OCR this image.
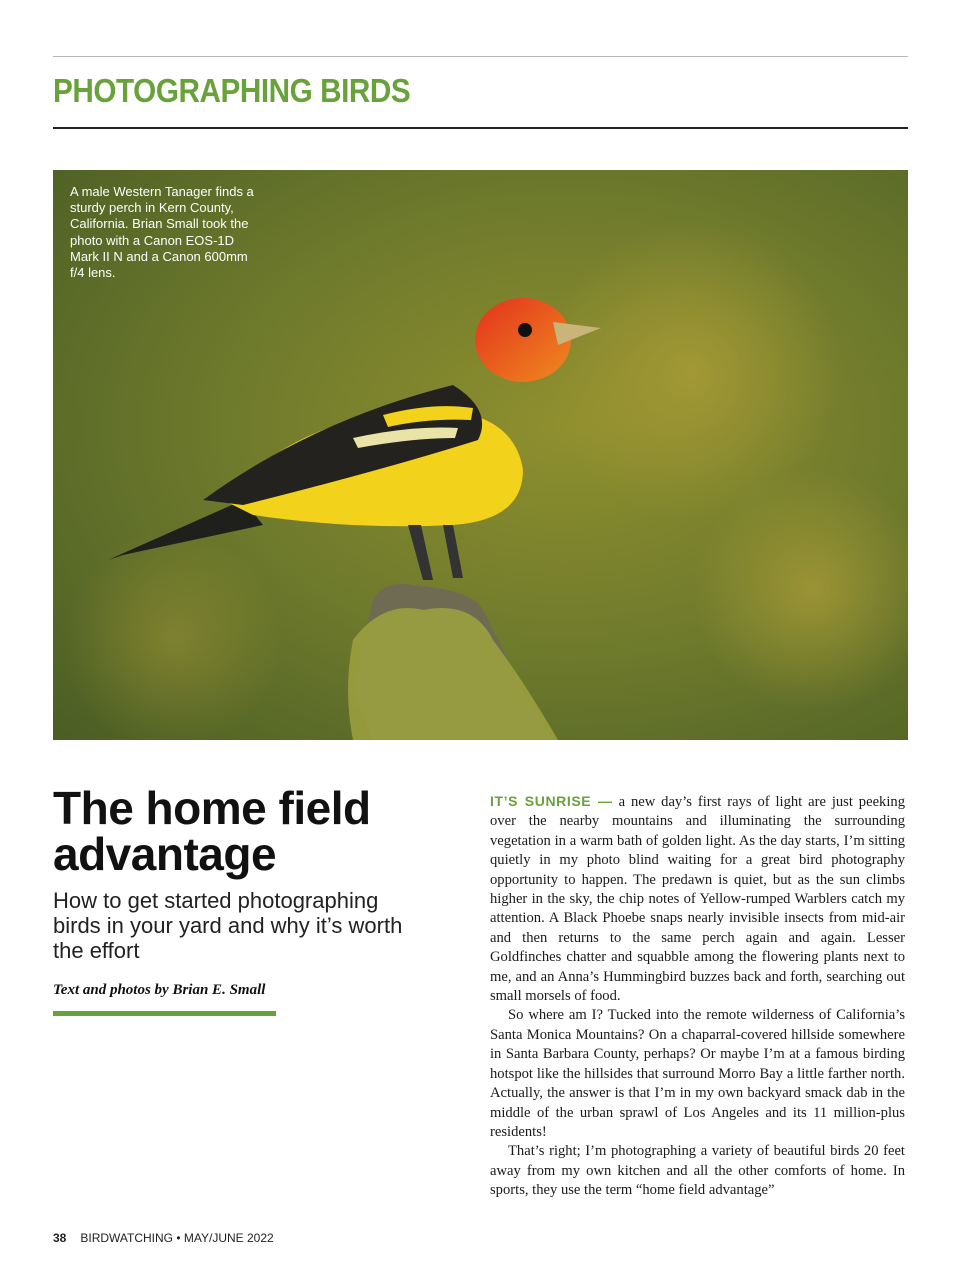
PHOTOGRAPHING BIRDS

A male Western Tanager finds a sturdy perch in Kern County, California. Brian Small took the photo with a Canon EOS-1D Mark II N and a Canon 600mm f/4 lens.

The home field advantage

How to get started photographing birds in your yard and why it’s worth the effort

Text and photos by Brian E. Small

IT’S SUNRISE — a new day’s first rays of light are just peeking over the nearby mountains and illuminating the surrounding vegetation in a warm bath of golden light. As the day starts, I’m sitting quietly in my photo blind waiting for a great bird photography opportunity to happen. The predawn is quiet, but as the sun climbs higher in the sky, the chip notes of Yellow-rumped Warblers catch my attention. A Black Phoebe snaps nearly invisible insects from mid-air and then returns to the same perch again and again. Lesser Goldfinches chatter and squabble among the flowering plants next to me, and an Anna’s Hummingbird buzzes back and forth, searching out small morsels of food.

So where am I? Tucked into the remote wilderness of California’s Santa Monica Mountains? On a chaparral-covered hillside somewhere in Santa Barbara County, perhaps? Or maybe I’m at a famous birding hotspot like the hillsides that surround Morro Bay a little farther north. Actually, the answer is that I’m in my own backyard smack dab in the middle of the urban sprawl of Los Angeles and its 11 million-plus residents!

That’s right; I’m photographing a variety of beautiful birds 20 feet away from my own kitchen and all the other comforts of home. In sports, they use the term “home field advantage”

38 BIRDWATCHING • MAY/JUNE 2022
